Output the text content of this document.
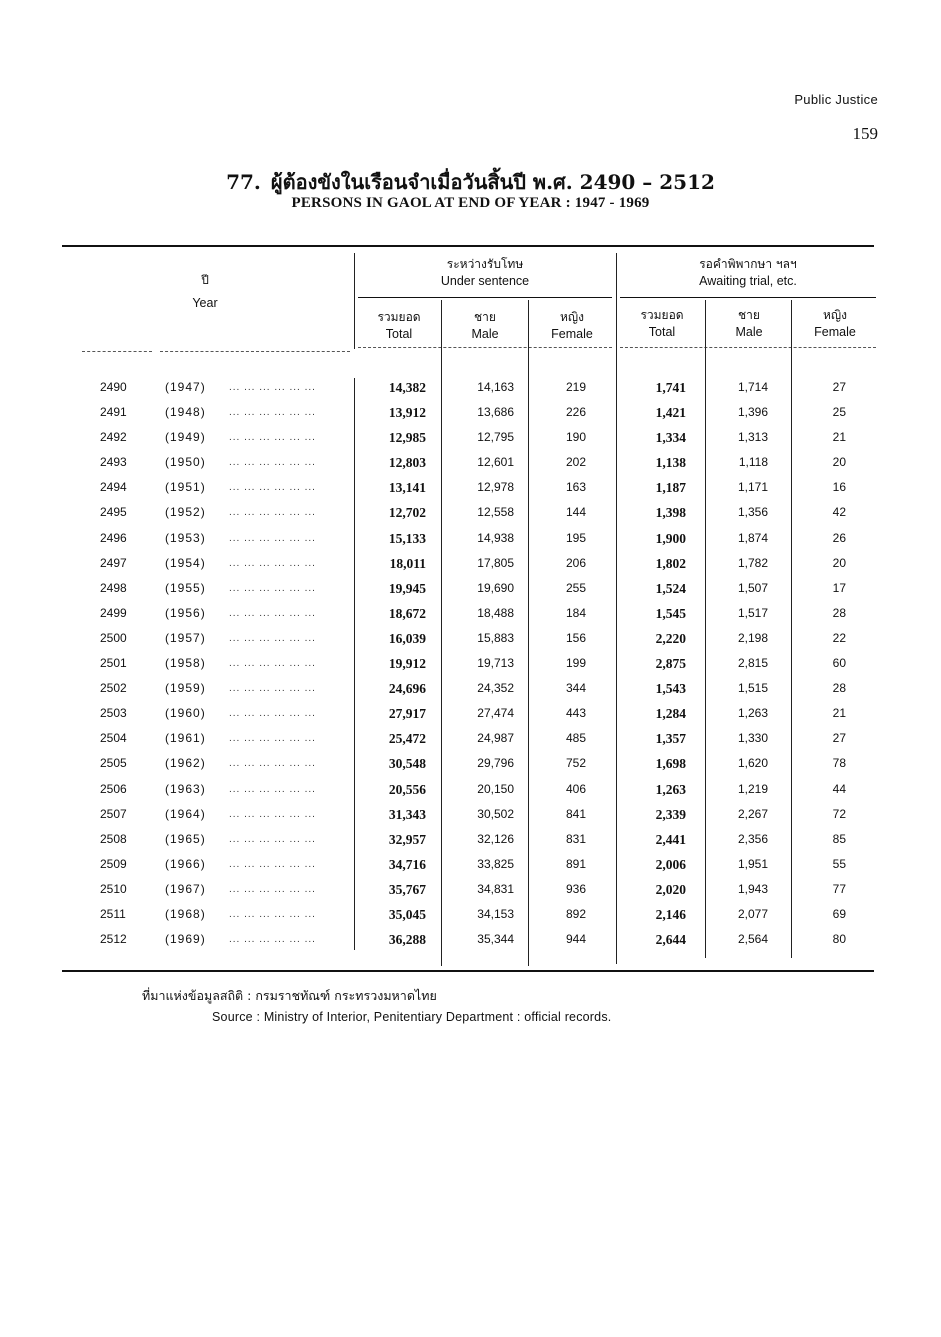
Public Justice
159
77. ผู้ต้องขังในเรือนจำเมื่อวันสิ้นปี พ.ศ. 2490 – 2512
PERSONS IN GAOL AT END OF YEAR : 1947 - 1969
ปี
Year
ระหว่างรับโทษ
Under sentence
รอคำพิพากษา ฯลฯ
Awaiting trial, etc.
รวมยอด
Total
ชาย
Male
หญิง
Female
รวมยอด
Total
ชาย
Male
หญิง
Female
2490	(1947) ... ... ... ... ... ...	14,382	14,163	219	1,741	1,714	27
2491	(1948) ... ... ... ... ... ...	13,912	13,686	226	1,421	1,396	25
2492	(1949) ... ... ... ... ... ...	12,985	12,795	190	1,334	1,313	21
2493	(1950) ... ... ... ... ... ...	12,803	12,601	202	1,138	1,118	20
2494	(1951) ... ... ... ... ... ...	13,141	12,978	163	1,187	1,171	16
2495	(1952) ... ... ... ... ... ...	12,702	12,558	144	1,398	1,356	42
2496	(1953) ... ... ... ... ... ...	15,133	14,938	195	1,900	1,874	26
2497	(1954) ... ... ... ... ... ...	18,011	17,805	206	1,802	1,782	20
2498	(1955) ... ... ... ... ... ...	19,945	19,690	255	1,524	1,507	17
2499	(1956) ... ... ... ... ... ...	18,672	18,488	184	1,545	1,517	28
2500	(1957) ... ... ... ... ... ...	16,039	15,883	156	2,220	2,198	22
2501	(1958) ... ... ... ... ... ...	19,912	19,713	199	2,875	2,815	60
2502	(1959) ... ... ... ... ... ...	24,696	24,352	344	1,543	1,515	28
2503	(1960) ... ... ... ... ... ...	27,917	27,474	443	1,284	1,263	21
2504	(1961) ... ... ... ... ... ...	25,472	24,987	485	1,357	1,330	27
2505	(1962) ... ... ... ... ... ...	30,548	29,796	752	1,698	1,620	78
2506	(1963) ... ... ... ... ... ...	20,556	20,150	406	1,263	1,219	44
2507	(1964) ... ... ... ... ... ...	31,343	30,502	841	2,339	2,267	72
2508	(1965) ... ... ... ... ... ...	32,957	32,126	831	2,441	2,356	85
2509	(1966) ... ... ... ... ... ...	34,716	33,825	891	2,006	1,951	55
2510	(1967) ... ... ... ... ... ...	35,767	34,831	936	2,020	1,943	77
2511	(1968) ... ... ... ... ... ...	35,045	34,153	892	2,146	2,077	69
2512	(1969) ... ... ... ... ... ...	36,288	35,344	944	2,644	2,564	80
ที่มาแห่งข้อมูลสถิติ : กรมราชทัณฑ์ กระทรวงมหาดไทย
Source : Ministry of Interior, Penitentiary Department : official records.
